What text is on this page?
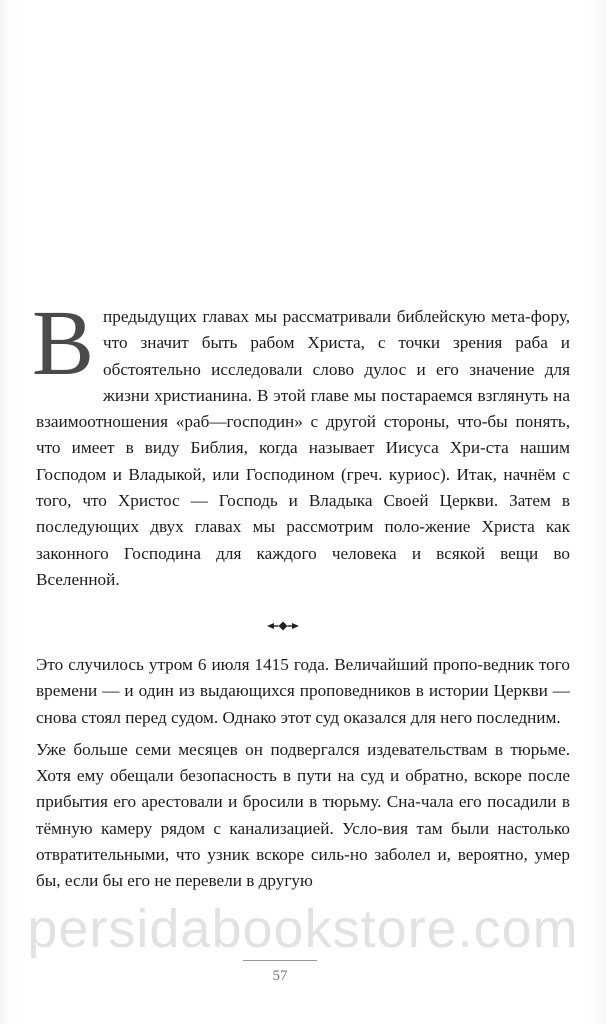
В предыдущих главах мы рассматривали библейскую мета-фору, что значит быть рабом Христа, с точки зрения раба и обстоятельно исследовали слово дулос и его значение для жизни христианина. В этой главе мы постараемся взглянуть на взаимоотношения «раб—господин» с другой стороны, что-бы понять, что имеет в виду Библия, когда называет Иисуса Хри-ста нашим Господом и Владыкой, или Господином (греч. куриос). Итак, начнём с того, что Христос — Господь и Владыка Своей Церкви. Затем в последующих двух главах мы рассмотрим поло-жение Христа как законного Господина для каждого человека и всякой вещи во Вселенной.

Это случилось утром 6 июля 1415 года. Величайший пропо-ведник того времени — и один из выдающихся проповедников в истории Церкви — снова стоял перед судом. Однако этот суд оказался для него последним.

Уже больше семи месяцев он подвергался издевательствам в тюрьме. Хотя ему обещали безопасность в пути на суд и обратно, вскоре после прибытия его арестовали и бросили в тюрьму. Сна-чала его посадили в тёмную камеру рядом с канализацией. Усло-вия там были настолько отвратительными, что узник вскоре силь-но заболел и, вероятно, умер бы, если бы его не перевели в другую

persidabookstore.com
57
